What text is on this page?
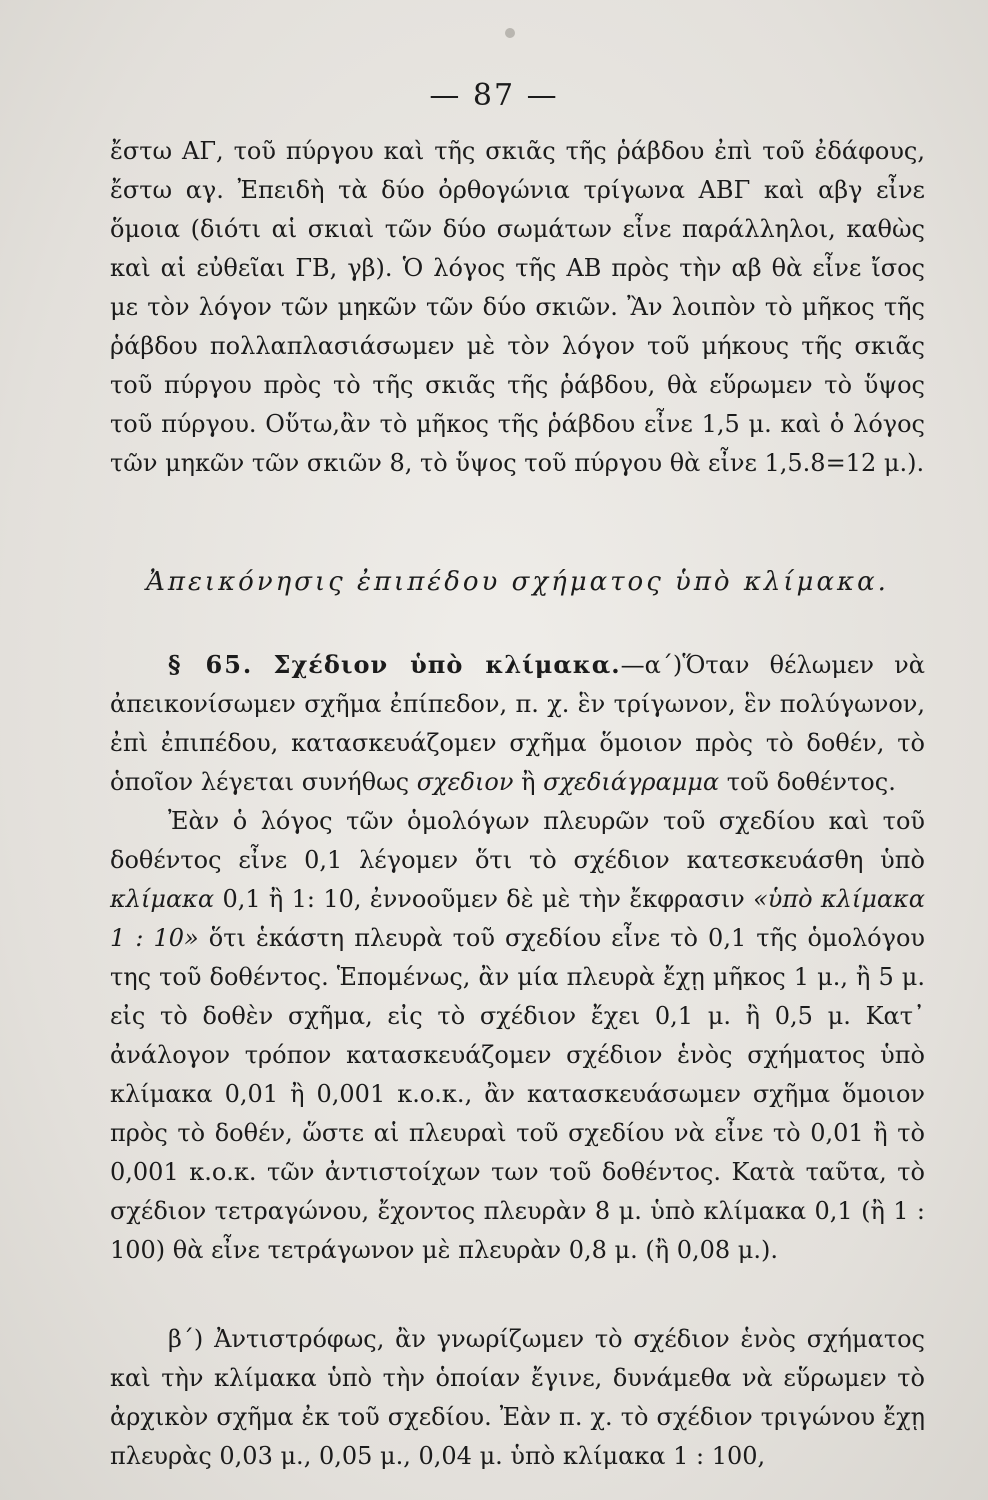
— 87 —

ἔστω ΑΓ, τοῦ πύργου καὶ τῆς σκιᾶς τῆς ῥάβδου ἐπὶ τοῦ ἐδάφους, ἔστω αγ. Ἐπειδὴ τὰ δύο ὀρθογώνια τρίγωνα ΑΒΓ καὶ αβγ εἶνε ὅμοια (διότι αἱ σκιαὶ τῶν δύο σωμάτων εἶνε παράλληλοι, καθὼς καὶ αἱ εὐθεῖαι ΓΒ, γβ). Ὁ λόγος τῆς ΑΒ πρὸς τὴν αβ θὰ εἶνε ἴσος με τὸν λόγον τῶν μηκῶν τῶν δύο σκιῶν. Ἂν λοιπὸν τὸ μῆκος τῆς ῥάβδου πολλαπλασιάσωμεν μὲ τὸν λόγον τοῦ μήκους τῆς σκιᾶς τοῦ πύργου πρὸς τὸ τῆς σκιᾶς τῆς ῥάβδου, θὰ εὕρωμεν τὸ ὕψος τοῦ πύργου. Οὕτω,ἂν τὸ μῆκος τῆς ῥάβδου εἶνε 1,5 μ. καὶ ὁ λόγος τῶν μηκῶν τῶν σκιῶν 8, τὸ ὕψος τοῦ πύργου θὰ εἶνε 1,5.8=12 μ.).

Ἀπεικόνησις ἐπιπέδου σχήματος ὑπὸ κλίμακα.

§ 65. Σχέδιον ὑπὸ κλίμακα.—α΄)Ὅταν θέλωμεν νὰ ἀπεικονίσωμεν σχῆμα ἐπίπεδον, π. χ. ἓν τρίγωνον, ἓν πολύγωνον, ἐπὶ ἐπιπέδου, κατασκευάζομεν σχῆμα ὅμοιον πρὸς τὸ δοθέν, τὸ ὁποῖον λέγεται συνήθως σχεδιον ἢ σχεδιάγραμμα τοῦ δοθέντος.

Ἐὰν ὁ λόγος τῶν ὁμολόγων πλευρῶν τοῦ σχεδίου καὶ τοῦ δοθέντος εἶνε 0,1 λέγομεν ὅτι τὸ σχέδιον κατεσκευάσθη ὑπὸ κλίμακα 0,1 ἢ 1: 10, ἐννοοῦμεν δὲ μὲ τὴν ἔκφρασιν «ὑπὸ κλίμακα 1 : 10» ὅτι ἑκάστη πλευρὰ τοῦ σχεδίου εἶνε τὸ 0,1 τῆς ὁμολόγου της τοῦ δοθέντος. Ἑπομένως, ἂν μία πλευρὰ ἔχῃ μῆκος 1 μ., ἢ 5 μ. εἰς τὸ δοθὲν σχῆμα, εἰς τὸ σχέδιον ἔχει 0,1 μ. ἢ 0,5 μ. Κατ᾽ ἀνάλογον τρόπον κατασκευάζομεν σχέδιον ἑνὸς σχήματος ὑπὸ κλίμακα 0,01 ἢ 0,001 κ.ο.κ., ἂν κατασκευάσωμεν σχῆμα ὅμοιον πρὸς τὸ δοθέν, ὥστε αἱ πλευραὶ τοῦ σχεδίου νὰ εἶνε τὸ 0,01 ἢ τὸ 0,001 κ.ο.κ. τῶν ἀντιστοίχων των τοῦ δοθέντος. Κατὰ ταῦτα, τὸ σχέδιον τετραγώνου, ἔχοντος πλευρὰν 8 μ. ὑπὸ κλίμακα 0,1 (ἢ 1 : 100) θὰ εἶνε τετράγωνον μὲ πλευρὰν 0,8 μ. (ἢ 0,08 μ.).

β΄) Ἀντιστρόφως, ἂν γνωρίζωμεν τὸ σχέδιον ἑνὸς σχήματος καὶ τὴν κλίμακα ὑπὸ τὴν ὁποίαν ἔγινε, δυνάμεθα νὰ εὕρωμεν τὸ ἀρχικὸν σχῆμα ἐκ τοῦ σχεδίου. Ἐὰν π. χ. τὸ σχέδιον τριγώνου ἔχῃ πλευρὰς 0,03 μ., 0,05 μ., 0,04 μ. ὑπὸ κλίμακα 1 : 100,
